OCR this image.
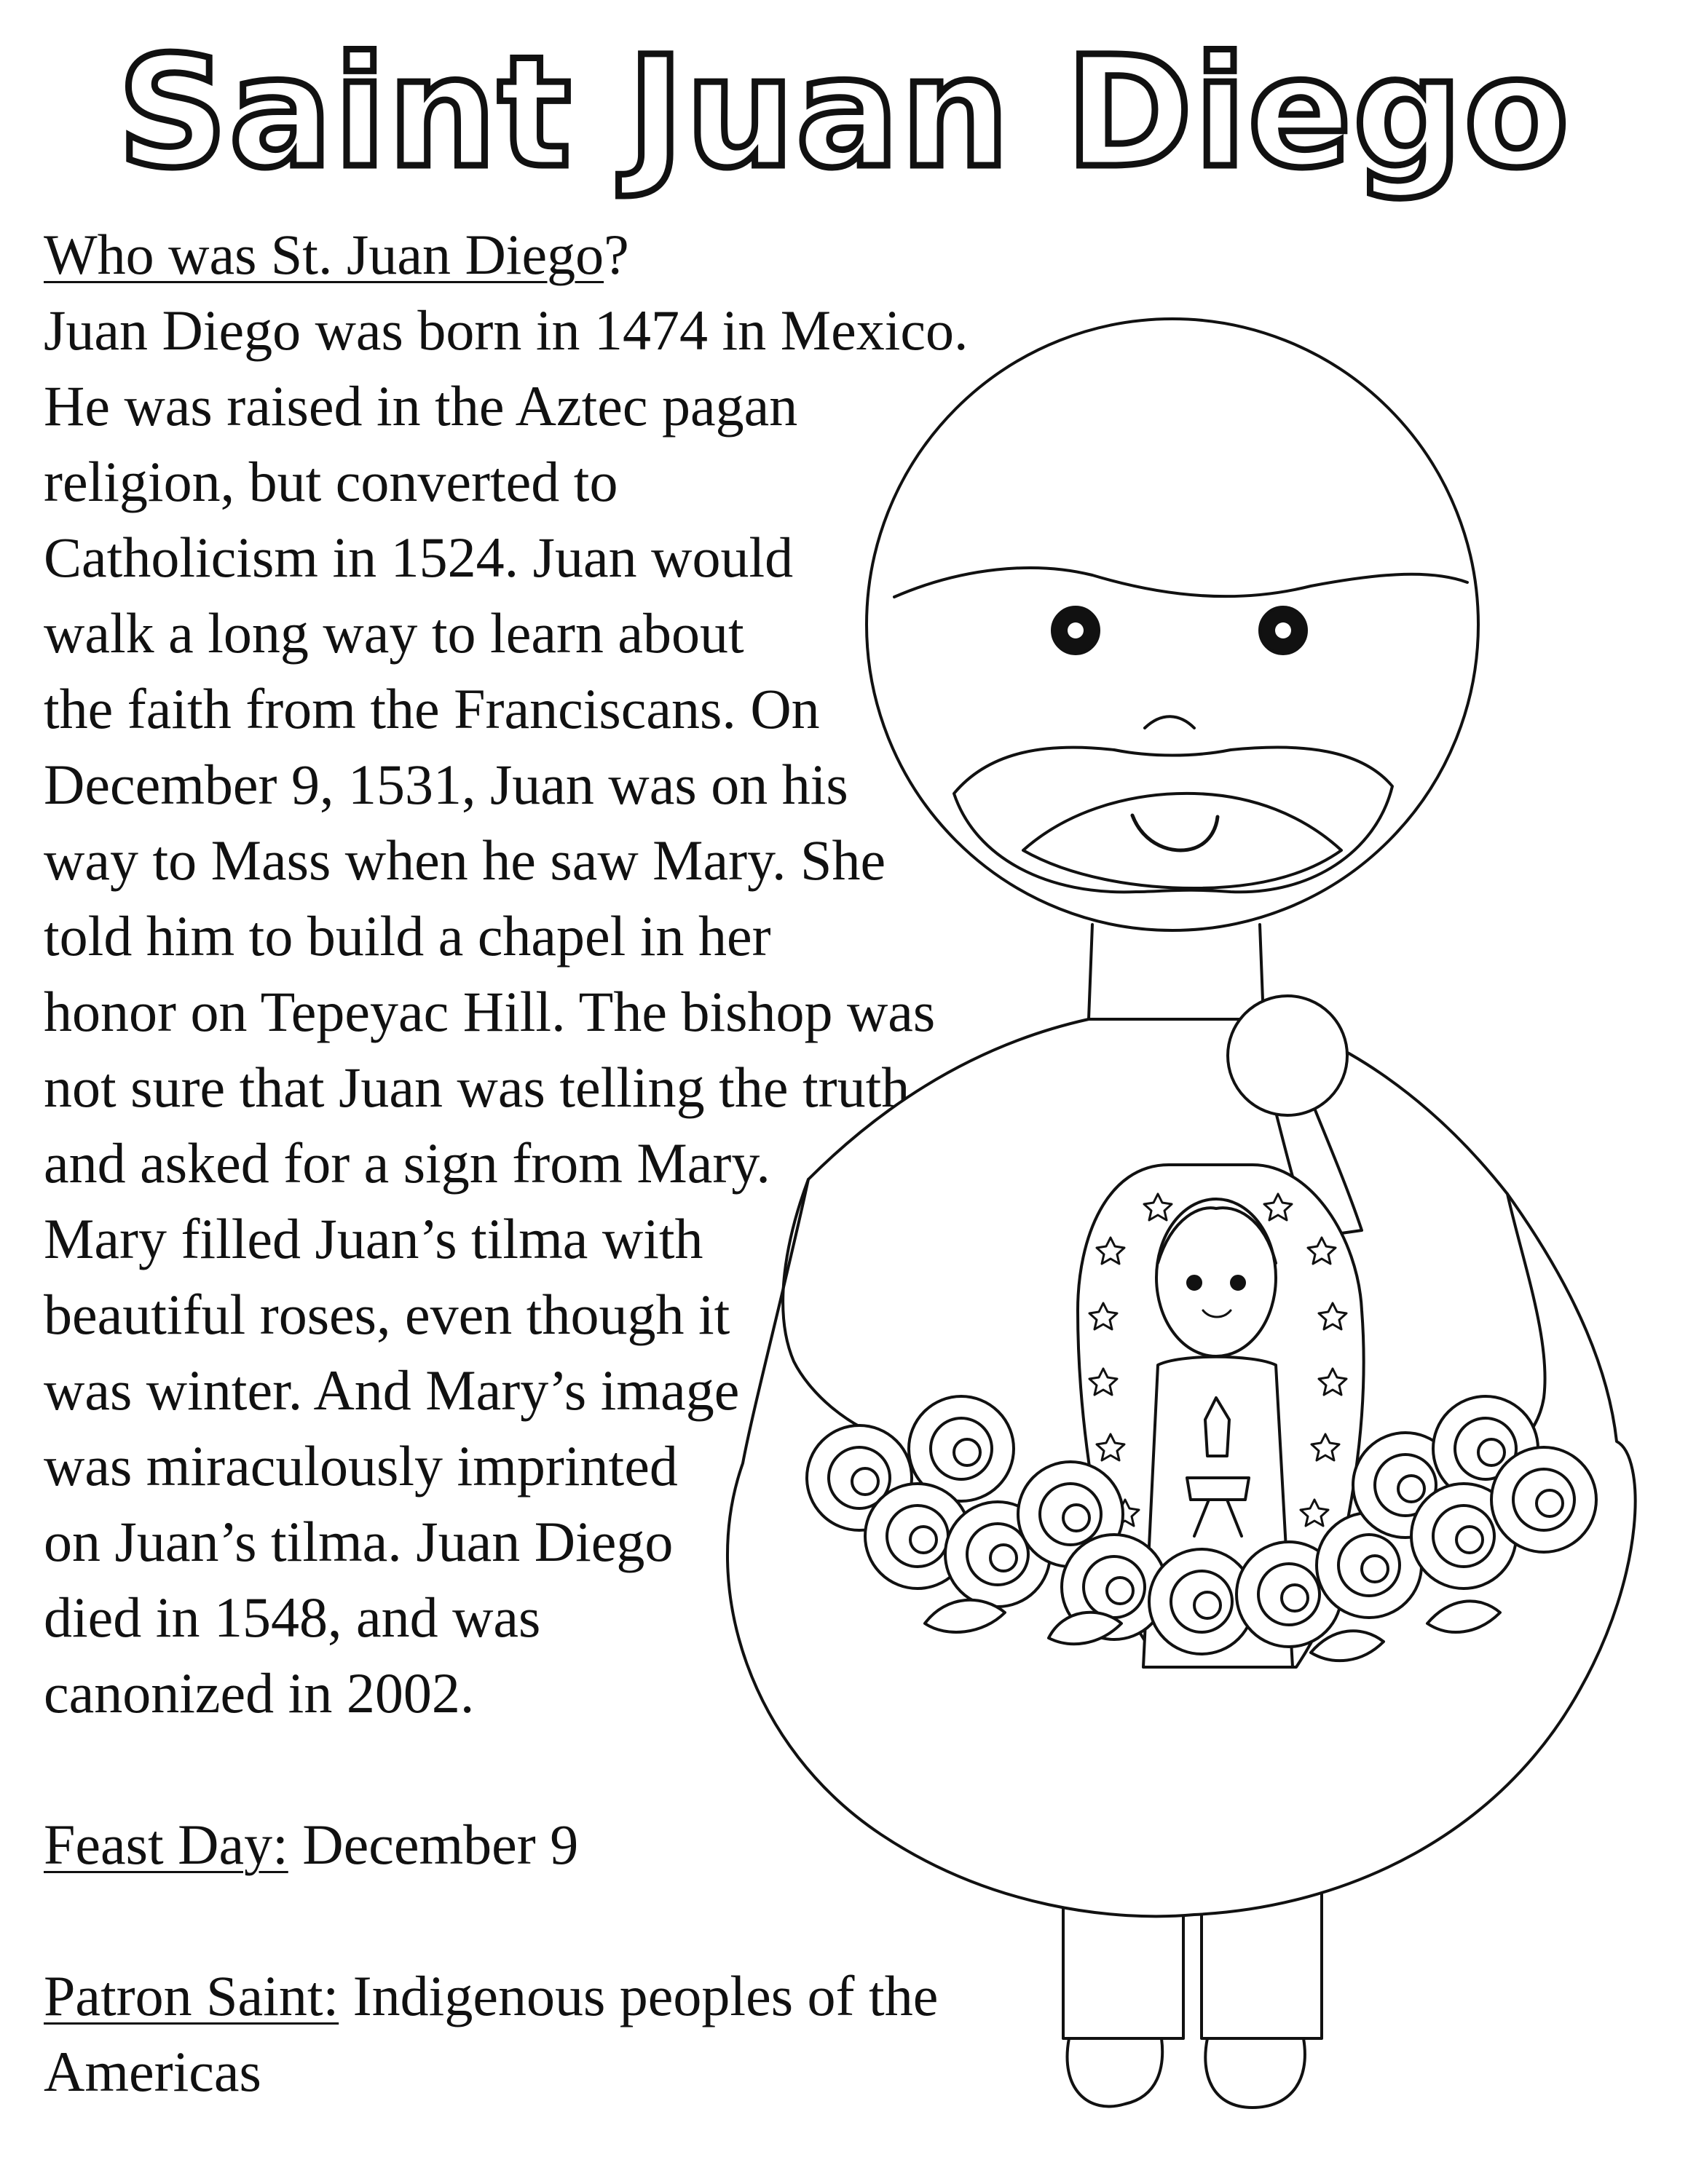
Saint Juan Diego
Who was St. Juan Diego?
Juan Diego was born in 1474 in Mexico.
He was raised in the Aztec pagan
religion, but converted to
Catholicism in 1524. Juan would
walk a long way to learn about
the faith from the Franciscans. On
December 9, 1531, Juan was on his
way to Mass when he saw Mary. She
told him to build a chapel in her
honor on Tepeyac Hill. The bishop was
not sure that Juan was telling the truth
and asked for a sign from Mary.
Mary filled Juan’s tilma with
beautiful roses, even though it
was winter. And Mary’s image
was miraculously imprinted
on Juan’s tilma. Juan Diego
died in 1548, and was
canonized in 2002.
Feast Day: December 9
Patron Saint: Indigenous peoples of the
Americas
